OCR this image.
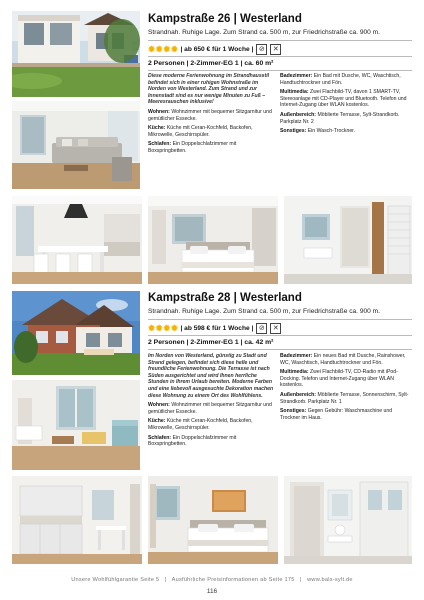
Kampstraße 26 | Westerland
Strandnah. Ruhige Lage. Zum Strand ca. 500 m, zur Friedrichstraße ca. 900 m.
✹✹✹✹ | ab 650 € für 1 Woche | ⊘	✕
2 Personen | 2-Zimmer-EG 1 | ca. 60 m²

Diese moderne Ferienwohnung im Strandhausstil befindet sich in einer ruhigen Wohnstraße im Norden von Westerland. Zum Strand und zur Innenstadt sind es nur wenige Minuten zu Fuß – Meeresrauschen inklusive!

Wohnen: Wohnzimmer mit bequemer Sitzgarnitur und gemütlicher Essecke.

Küche: Küche mit Ceran-Kochfeld, Backofen, Mikrowelle, Geschirrspüler.

Schlafen: Ein Doppelschlafzimmer mit Boxspringbetten.

Badezimmer: Ein Bad mit Dusche, WC, Waschtisch, Handtuchtrockner und Fön.

Multimedia: Zwei Flachbild-TV, davon 1 SMART-TV, Stereoanlage mit CD-Player und Bluetooth. Telefon und Internet-Zugang über WLAN kostenlos.

Außenbereich: Möblierte Terrasse, Sylt-Strandkorb. Parkplatz Nr. 2

Sonstiges: Ein Wasch-Trockner.

Kampstraße 28 | Westerland
Strandnah. Ruhige Lage. Zum Strand ca. 500 m, zur Friedrichstraße ca. 900 m.
✹✹✹✹ | ab 598 € für 1 Woche | ⊘	✕
2 Personen | 2-Zimmer-EG 1 | ca. 42 m²

Im Norden von Westerland, günstig zu Stadt und Strand gelegen, befindet sich diese helle und freundliche Ferienwohnung. Die Terrasse ist nach Süden ausgerichtet und wird Ihnen herrliche Stunden in Ihrem Urlaub bereiten. Moderne Farben und eine liebevoll ausgesuchte Dekoration machen diese Wohnung zu einem Ort des Wohlfühlens.

Wohnen: Wohnzimmer mit bequemer Sitzgarnitur und gemütlicher Essecke.

Küche: Küche mit Ceran-Kochfeld, Backofen, Mikrowelle, Geschirrspüler.

Schlafen: Ein Doppelschlafzimmer mit Boxspringbetten.

Badezimmer: Ein neues Bad mit Dusche, Rainshower, WC, Waschtisch, Handtuchtrockner und Fön.

Multimedia: Zwei Flachbild-TV, CD-Radio mit iPod-Docking. Telefon und Internet-Zugang über WLAN kostenlos.

Außenbereich: Möblierte Terrasse, Sonnenschirm, Sylt-Strandkorb. Parkplatz Nr. 1

Sonstiges: Gegen Gebühr: Waschmaschine und Trockner im Haus.

Unsere Wohlfühlgarantie Seite 5 | Ausführliche Preisinformationen ab Seite 175 | www.bals-sylt.de
116
